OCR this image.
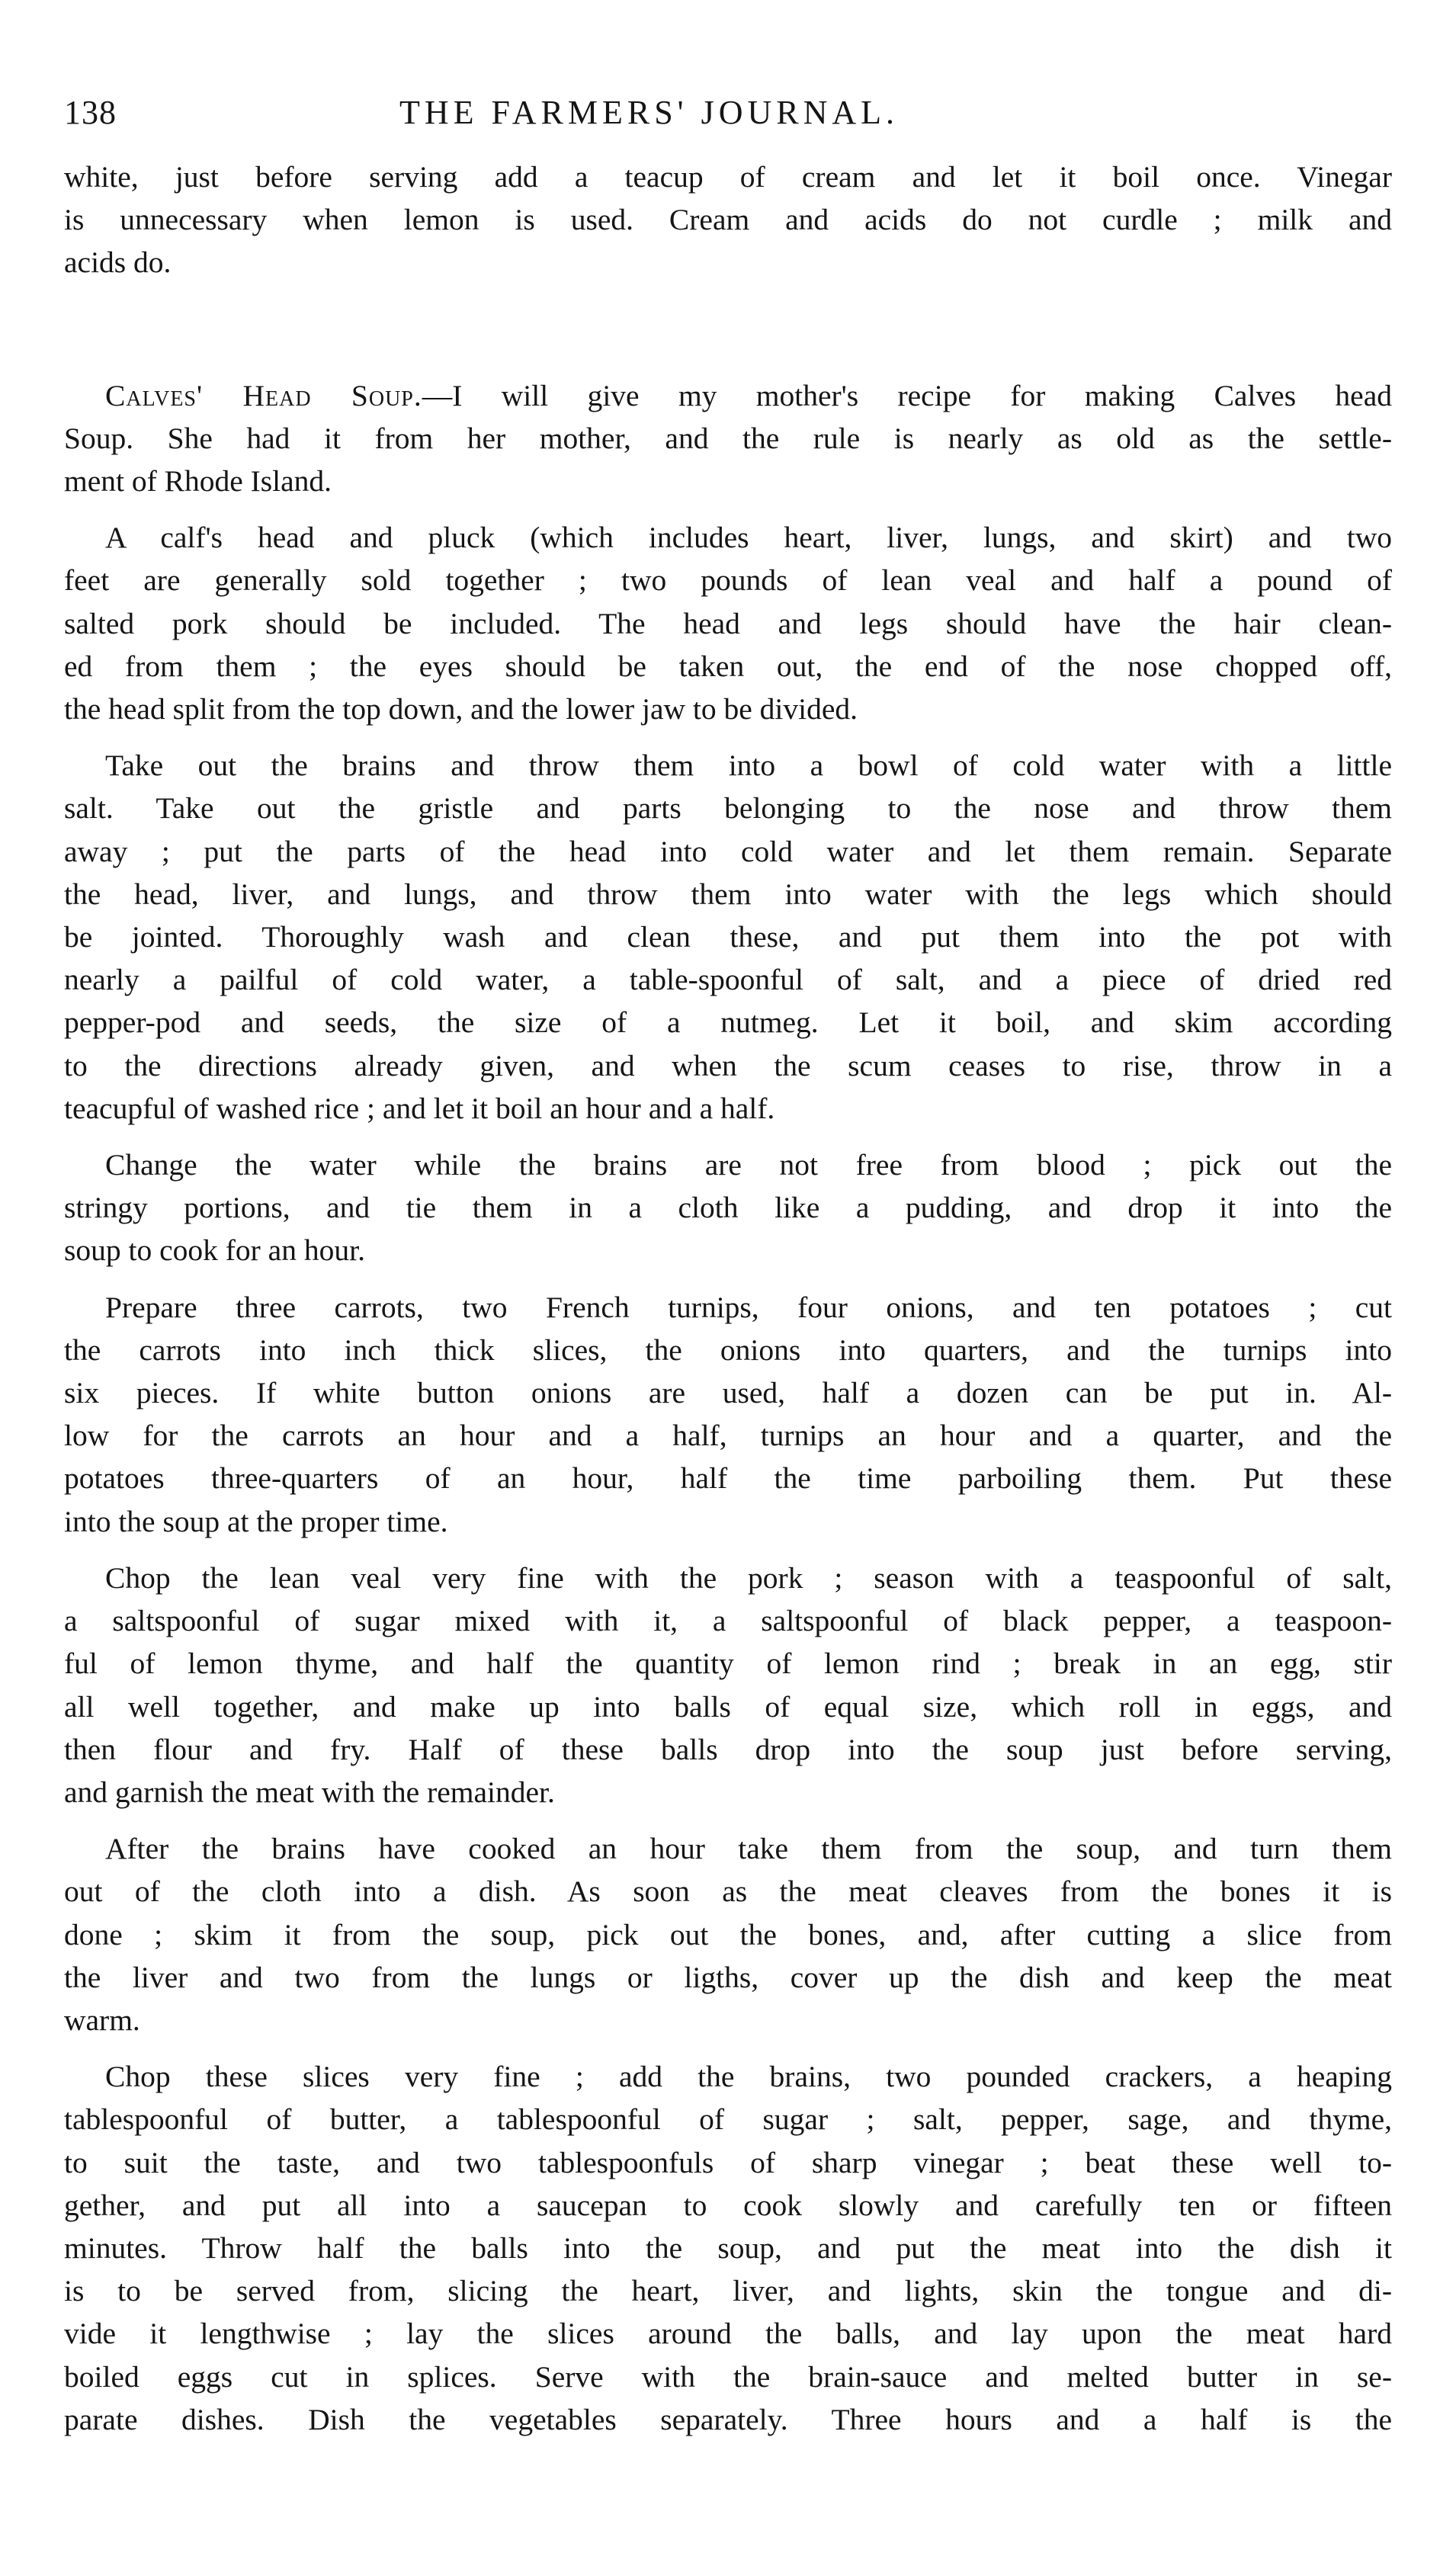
138	THE FARMERS' JOURNAL.

white, just before serving add a teacup of cream and let it boil once. Vinegar
is unnecessary when lemon is used. Cream and acids do not curdle ; milk and
acids do.

Calves' Head Soup.—I will give my mother's recipe for making Calves head
Soup. She had it from her mother, and the rule is nearly as old as the settle-
ment of Rhode Island.

A calf's head and pluck (which includes heart, liver, lungs, and skirt) and two
feet are generally sold together ; two pounds of lean veal and half a pound of
salted pork should be included. The head and legs should have the hair clean-
ed from them ; the eyes should be taken out, the end of the nose chopped off,
the head split from the top down, and the lower jaw to be divided.

Take out the brains and throw them into a bowl of cold water with a little
salt. Take out the gristle and parts belonging to the nose and throw them
away ; put the parts of the head into cold water and let them remain. Separate
the head, liver, and lungs, and throw them into water with the legs which should
be jointed. Thoroughly wash and clean these, and put them into the pot with
nearly a pailful of cold water, a table-spoonful of salt, and a piece of dried red
pepper-pod and seeds, the size of a nutmeg. Let it boil, and skim according
to the directions already given, and when the scum ceases to rise, throw in a
teacupful of washed rice ; and let it boil an hour and a half.

Change the water while the brains are not free from blood ; pick out the
stringy portions, and tie them in a cloth like a pudding, and drop it into the
soup to cook for an hour.

Prepare three carrots, two French turnips, four onions, and ten potatoes ; cut
the carrots into inch thick slices, the onions into quarters, and the turnips into
six pieces. If white button onions are used, half a dozen can be put in. Al-
low for the carrots an hour and a half, turnips an hour and a quarter, and the
potatoes three-quarters of an hour, half the time parboiling them. Put these
into the soup at the proper time.

Chop the lean veal very fine with the pork ; season with a teaspoonful of salt,
a saltspoonful of sugar mixed with it, a saltspoonful of black pepper, a teaspoon-
ful of lemon thyme, and half the quantity of lemon rind ; break in an egg, stir
all well together, and make up into balls of equal size, which roll in eggs, and
then flour and fry. Half of these balls drop into the soup just before serving,
and garnish the meat with the remainder.

After the brains have cooked an hour take them from the soup, and turn them
out of the cloth into a dish. As soon as the meat cleaves from the bones it is
done ; skim it from the soup, pick out the bones, and, after cutting a slice from
the liver and two from the lungs or ligths, cover up the dish and keep the meat
warm.

Chop these slices very fine ; add the brains, two pounded crackers, a heaping
tablespoonful of butter, a tablespoonful of sugar ; salt, pepper, sage, and thyme,
to suit the taste, and two tablespoonfuls of sharp vinegar ; beat these well to-
gether, and put all into a saucepan to cook slowly and carefully ten or fifteen
minutes. Throw half the balls into the soup, and put the meat into the dish it
is to be served from, slicing the heart, liver, and lights, skin the tongue and di-
vide it lengthwise ; lay the slices around the balls, and lay upon the meat hard
boiled eggs cut in splices. Serve with the brain-sauce and melted butter in se-
parate dishes. Dish the vegetables separately. Three hours and a half is the
